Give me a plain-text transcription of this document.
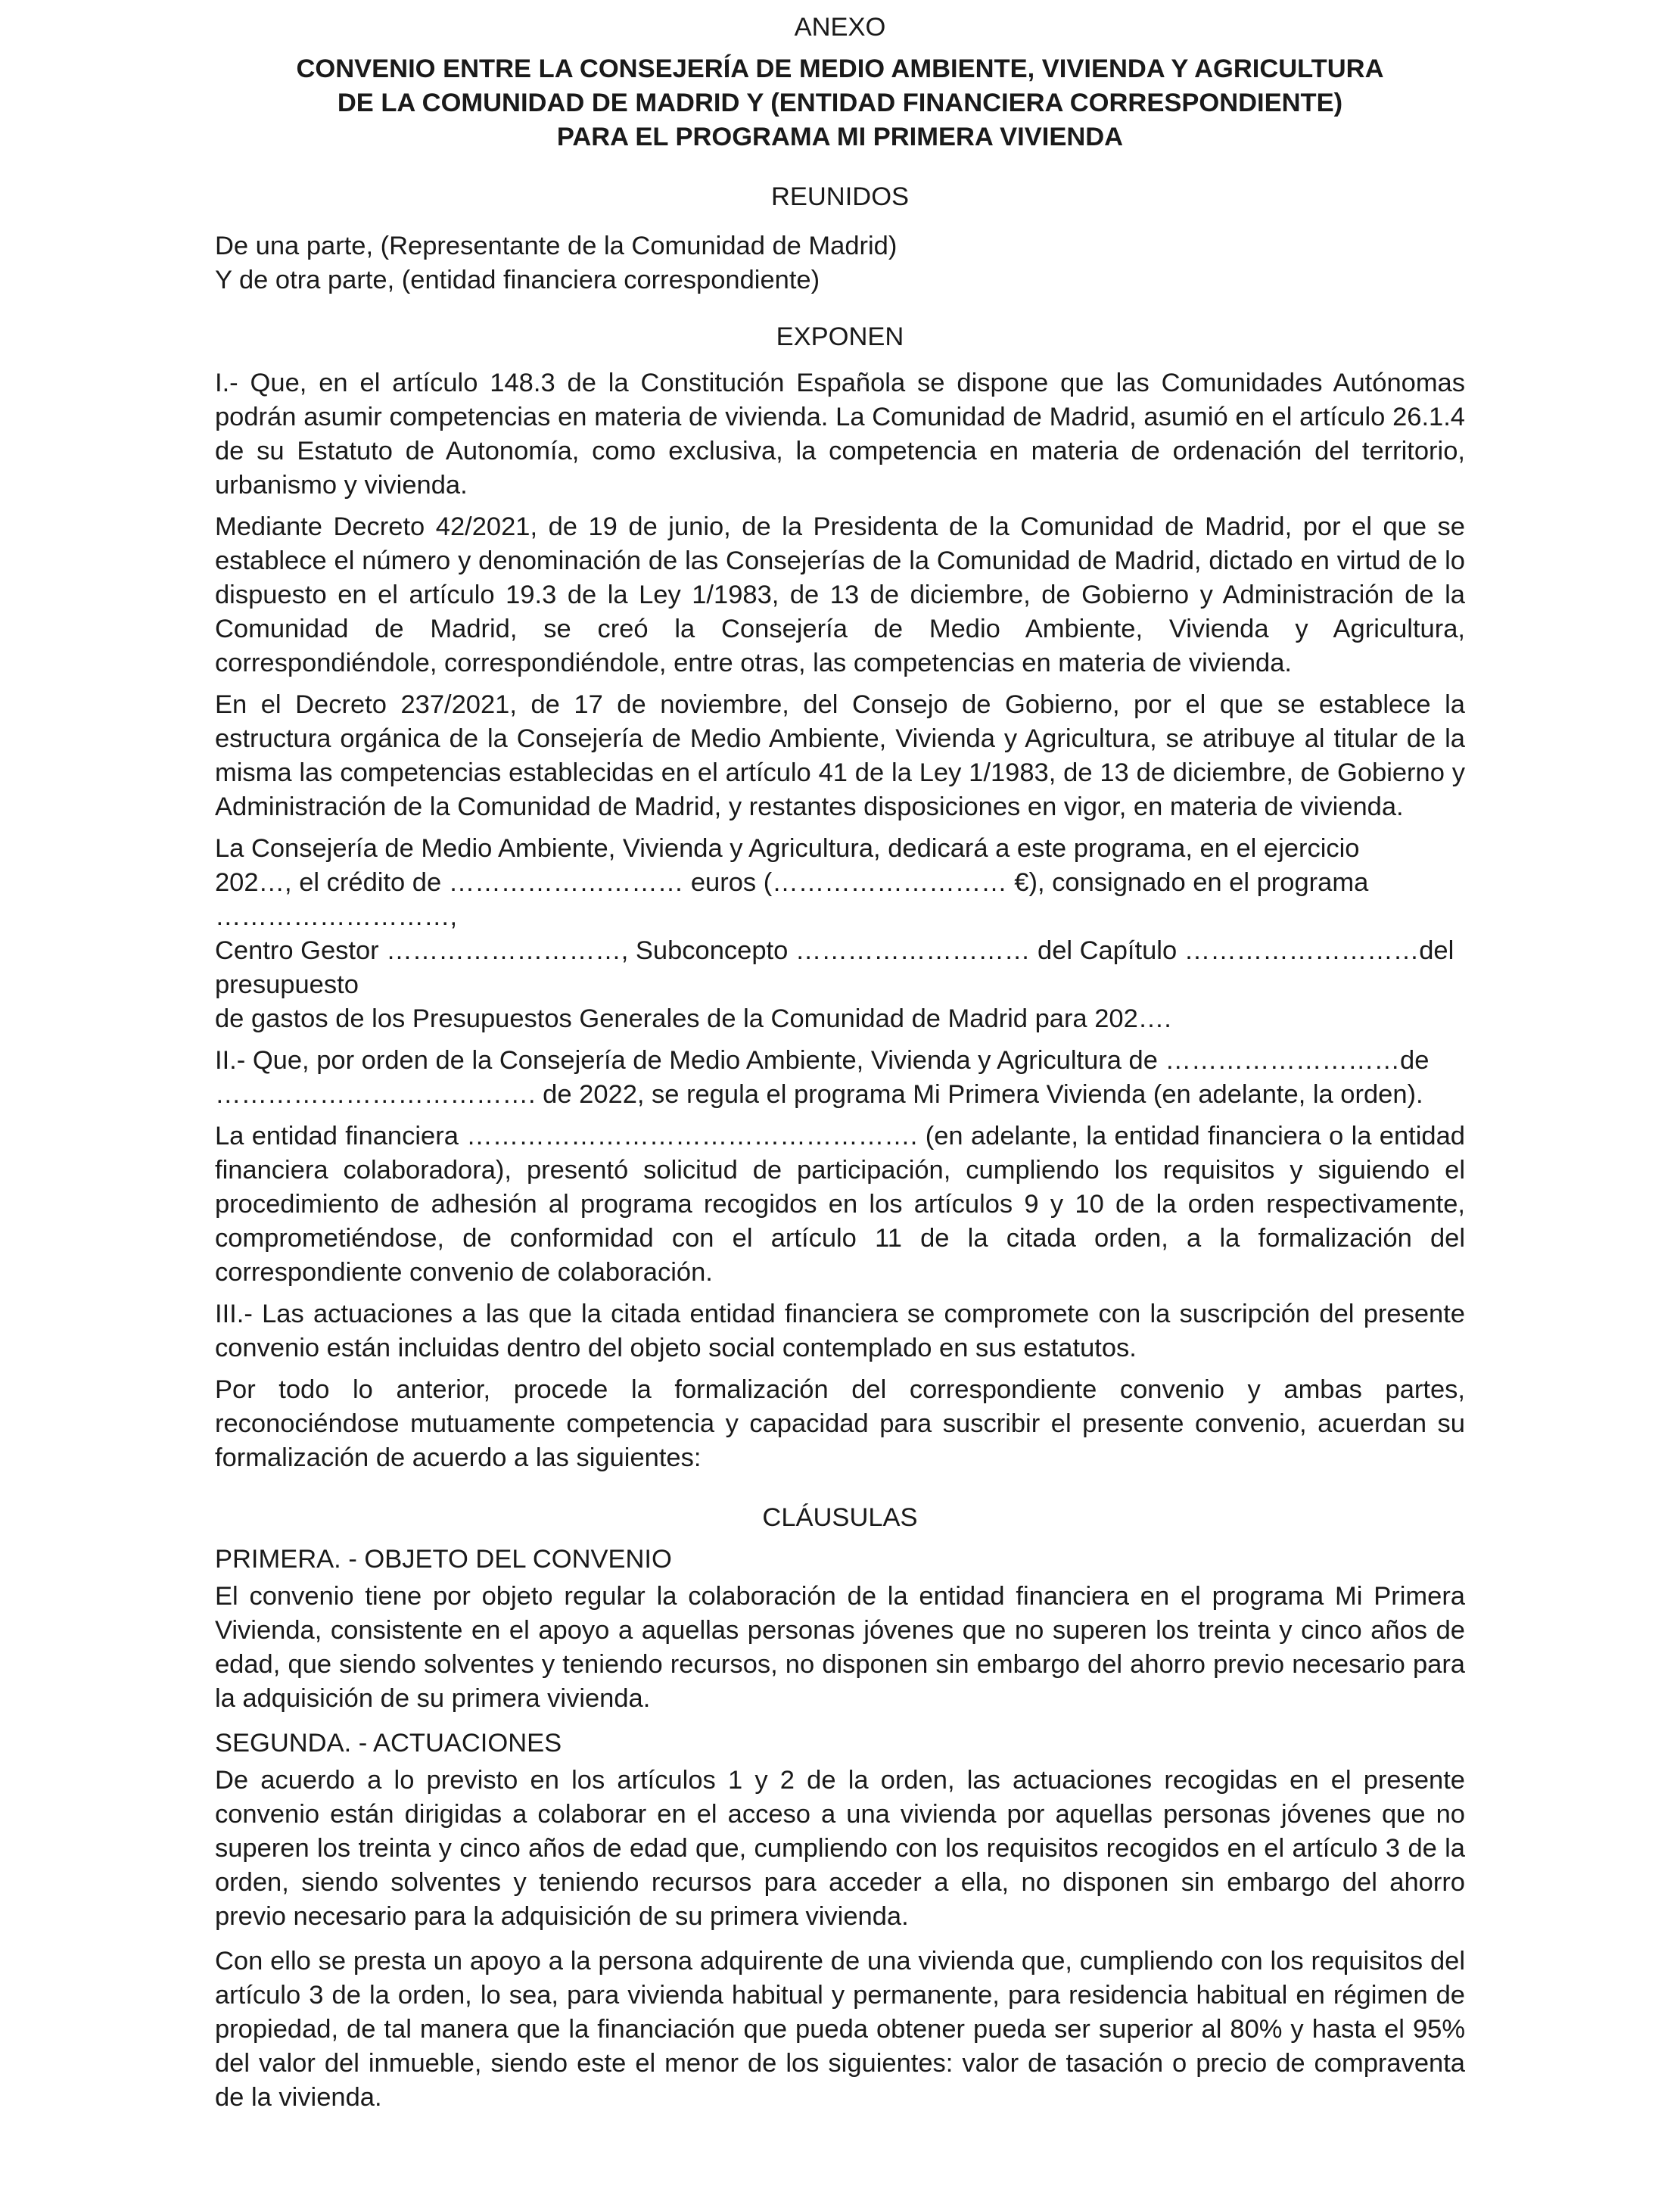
ANEXO
CONVENIO ENTRE LA CONSEJERÍA DE MEDIO AMBIENTE, VIVIENDA Y AGRICULTURA
DE LA COMUNIDAD DE MADRID Y (ENTIDAD FINANCIERA CORRESPONDIENTE)
PARA EL PROGRAMA MI PRIMERA VIVIENDA
REUNIDOS
De una parte, (Representante de la Comunidad de Madrid)
Y de otra parte, (entidad financiera correspondiente)
EXPONEN

I.- Que, en el artículo 148.3 de la Constitución Española se dispone que las Comunidades Autónomas podrán asumir competencias en materia de vivienda. La Comunidad de Madrid, asumió en el artículo 26.1.4 de su Estatuto de Autonomía, como exclusiva, la competencia en materia de ordenación del territorio, urbanismo y vivienda.

Mediante Decreto 42/2021, de 19 de junio, de la Presidenta de la Comunidad de Madrid, por el que se establece el número y denominación de las Consejerías de la Comunidad de Madrid, dictado en virtud de lo dispuesto en el artículo 19.3 de la Ley 1/1983, de 13 de diciembre, de Gobierno y Administración de la Comunidad de Madrid, se creó la Consejería de Medio Ambiente, Vivienda y Agricultura, correspondiéndole, correspondiéndole, entre otras, las competencias en materia de vivienda.

En el Decreto 237/2021, de 17 de noviembre, del Consejo de Gobierno, por el que se establece la estructura orgánica de la Consejería de Medio Ambiente, Vivienda y Agricultura, se atribuye al titular de la misma las competencias establecidas en el artículo 41 de la Ley 1/1983, de 13 de diciembre, de Gobierno y Administración de la Comunidad de Madrid, y restantes disposiciones en vigor, en materia de vivienda.

La Consejería de Medio Ambiente, Vivienda y Agricultura, dedicará a este programa, en el ejercicio
202…, el crédito de ……………………… euros (……………………… €), consignado en el programa ………………………,
Centro Gestor ………………………, Subconcepto ……………………… del Capítulo ………………………del presupuesto
de gastos de los Presupuestos Generales de la Comunidad de Madrid para 202….
II.- Que, por orden de la Consejería de Medio Ambiente, Vivienda y Agricultura de ………………………de
………………………………. de 2022, se regula el programa Mi Primera Vivienda (en adelante, la orden).

La entidad financiera ……………………………………………. (en adelante, la entidad financiera o la entidad financiera colaboradora), presentó solicitud de participación, cumpliendo los requisitos y siguiendo el procedimiento de adhesión al programa recogidos en los artículos 9 y 10 de la orden respectivamente, comprometiéndose, de conformidad con el artículo 11 de la citada orden, a la formalización del correspondiente convenio de colaboración.

III.- Las actuaciones a las que la citada entidad financiera se compromete con la suscripción del presente convenio están incluidas dentro del objeto social contemplado en sus estatutos.

Por todo lo anterior, procede la formalización del correspondiente convenio y ambas partes, reconociéndose mutuamente competencia y capacidad para suscribir el presente convenio, acuerdan su formalización de acuerdo a las siguientes:

CLÁUSULAS
PRIMERA. - OBJETO DEL CONVENIO

El convenio tiene por objeto regular la colaboración de la entidad financiera en el programa Mi Primera Vivienda, consistente en el apoyo a aquellas personas jóvenes que no superen los treinta y cinco años de edad, que siendo solventes y teniendo recursos, no disponen sin embargo del ahorro previo necesario para la adquisición de su primera vivienda.

SEGUNDA. - ACTUACIONES

De acuerdo a lo previsto en los artículos 1 y 2 de la orden, las actuaciones recogidas en el presente convenio están dirigidas a colaborar en el acceso a una vivienda por aquellas personas jóvenes que no superen los treinta y cinco años de edad que, cumpliendo con los requisitos recogidos en el artículo 3 de la orden, siendo solventes y teniendo recursos para acceder a ella, no disponen sin embargo del ahorro previo necesario para la adquisición de su primera vivienda.

Con ello se presta un apoyo a la persona adquirente de una vivienda que, cumpliendo con los requisitos del artículo 3 de la orden, lo sea, para vivienda habitual y permanente, para residencia habitual en régimen de propiedad, de tal manera que la financiación que pueda obtener pueda ser superior al 80% y hasta el 95% del valor del inmueble, siendo este el menor de los siguientes: valor de tasación o precio de compraventa de la vivienda.
